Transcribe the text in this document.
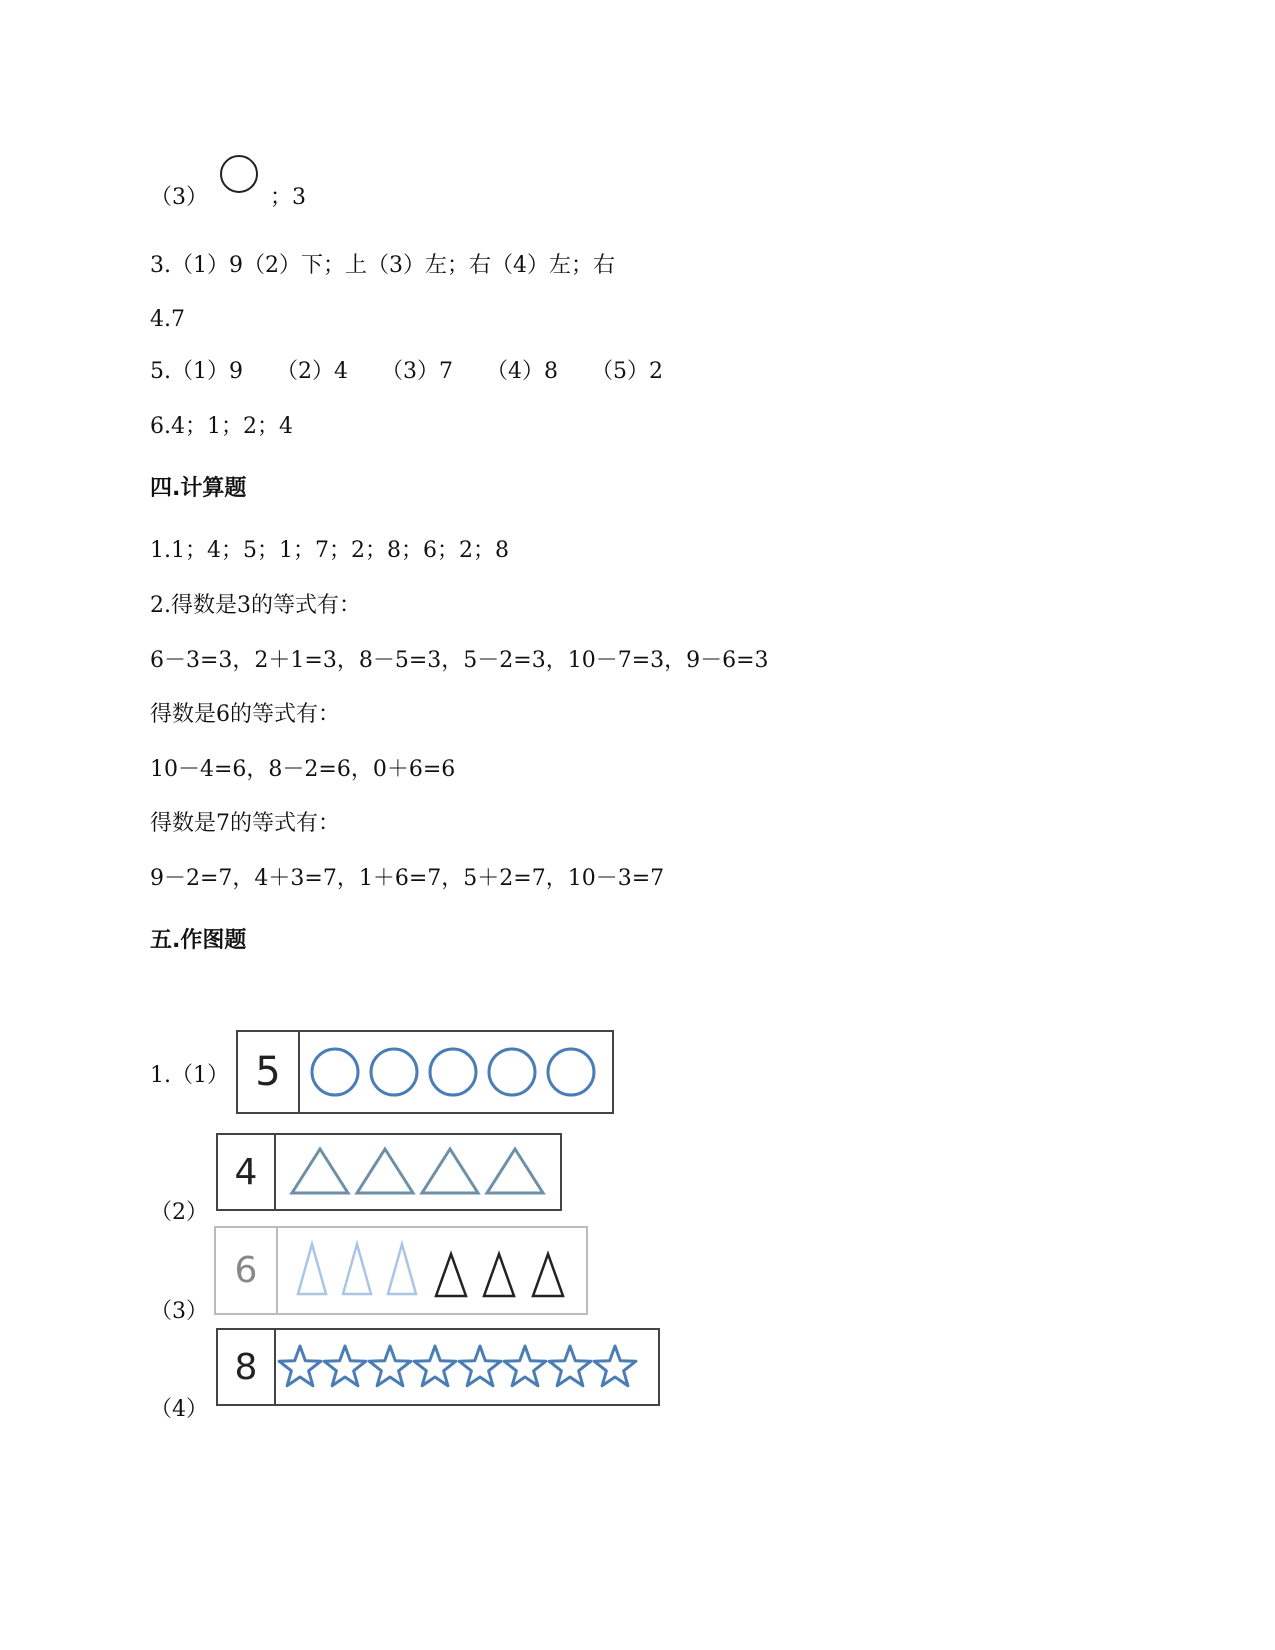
（3）	；3
3.（1）9（2）下；上（3）左；右（4）左；右
4.7
5.（1）9　　（2）4　　（3）7　　（4）8　　（5）2
6.4；1；2；4
四.计算题
1.1；4；5；1；7；2；8；6；2；8
2.得数是3的等式有：
6－3=3，2＋1=3，8－5=3，5－2=3，10－7=3，9－6=3
得数是6的等式有：
10－4=6，8－2=6，0＋6=6
得数是7的等式有：
9－2=7，4＋3=7，1＋6=7，5＋2=7，10－3=7
五.作图题
1.（1） 5
（2）
4
（3）
6
（4）
8
